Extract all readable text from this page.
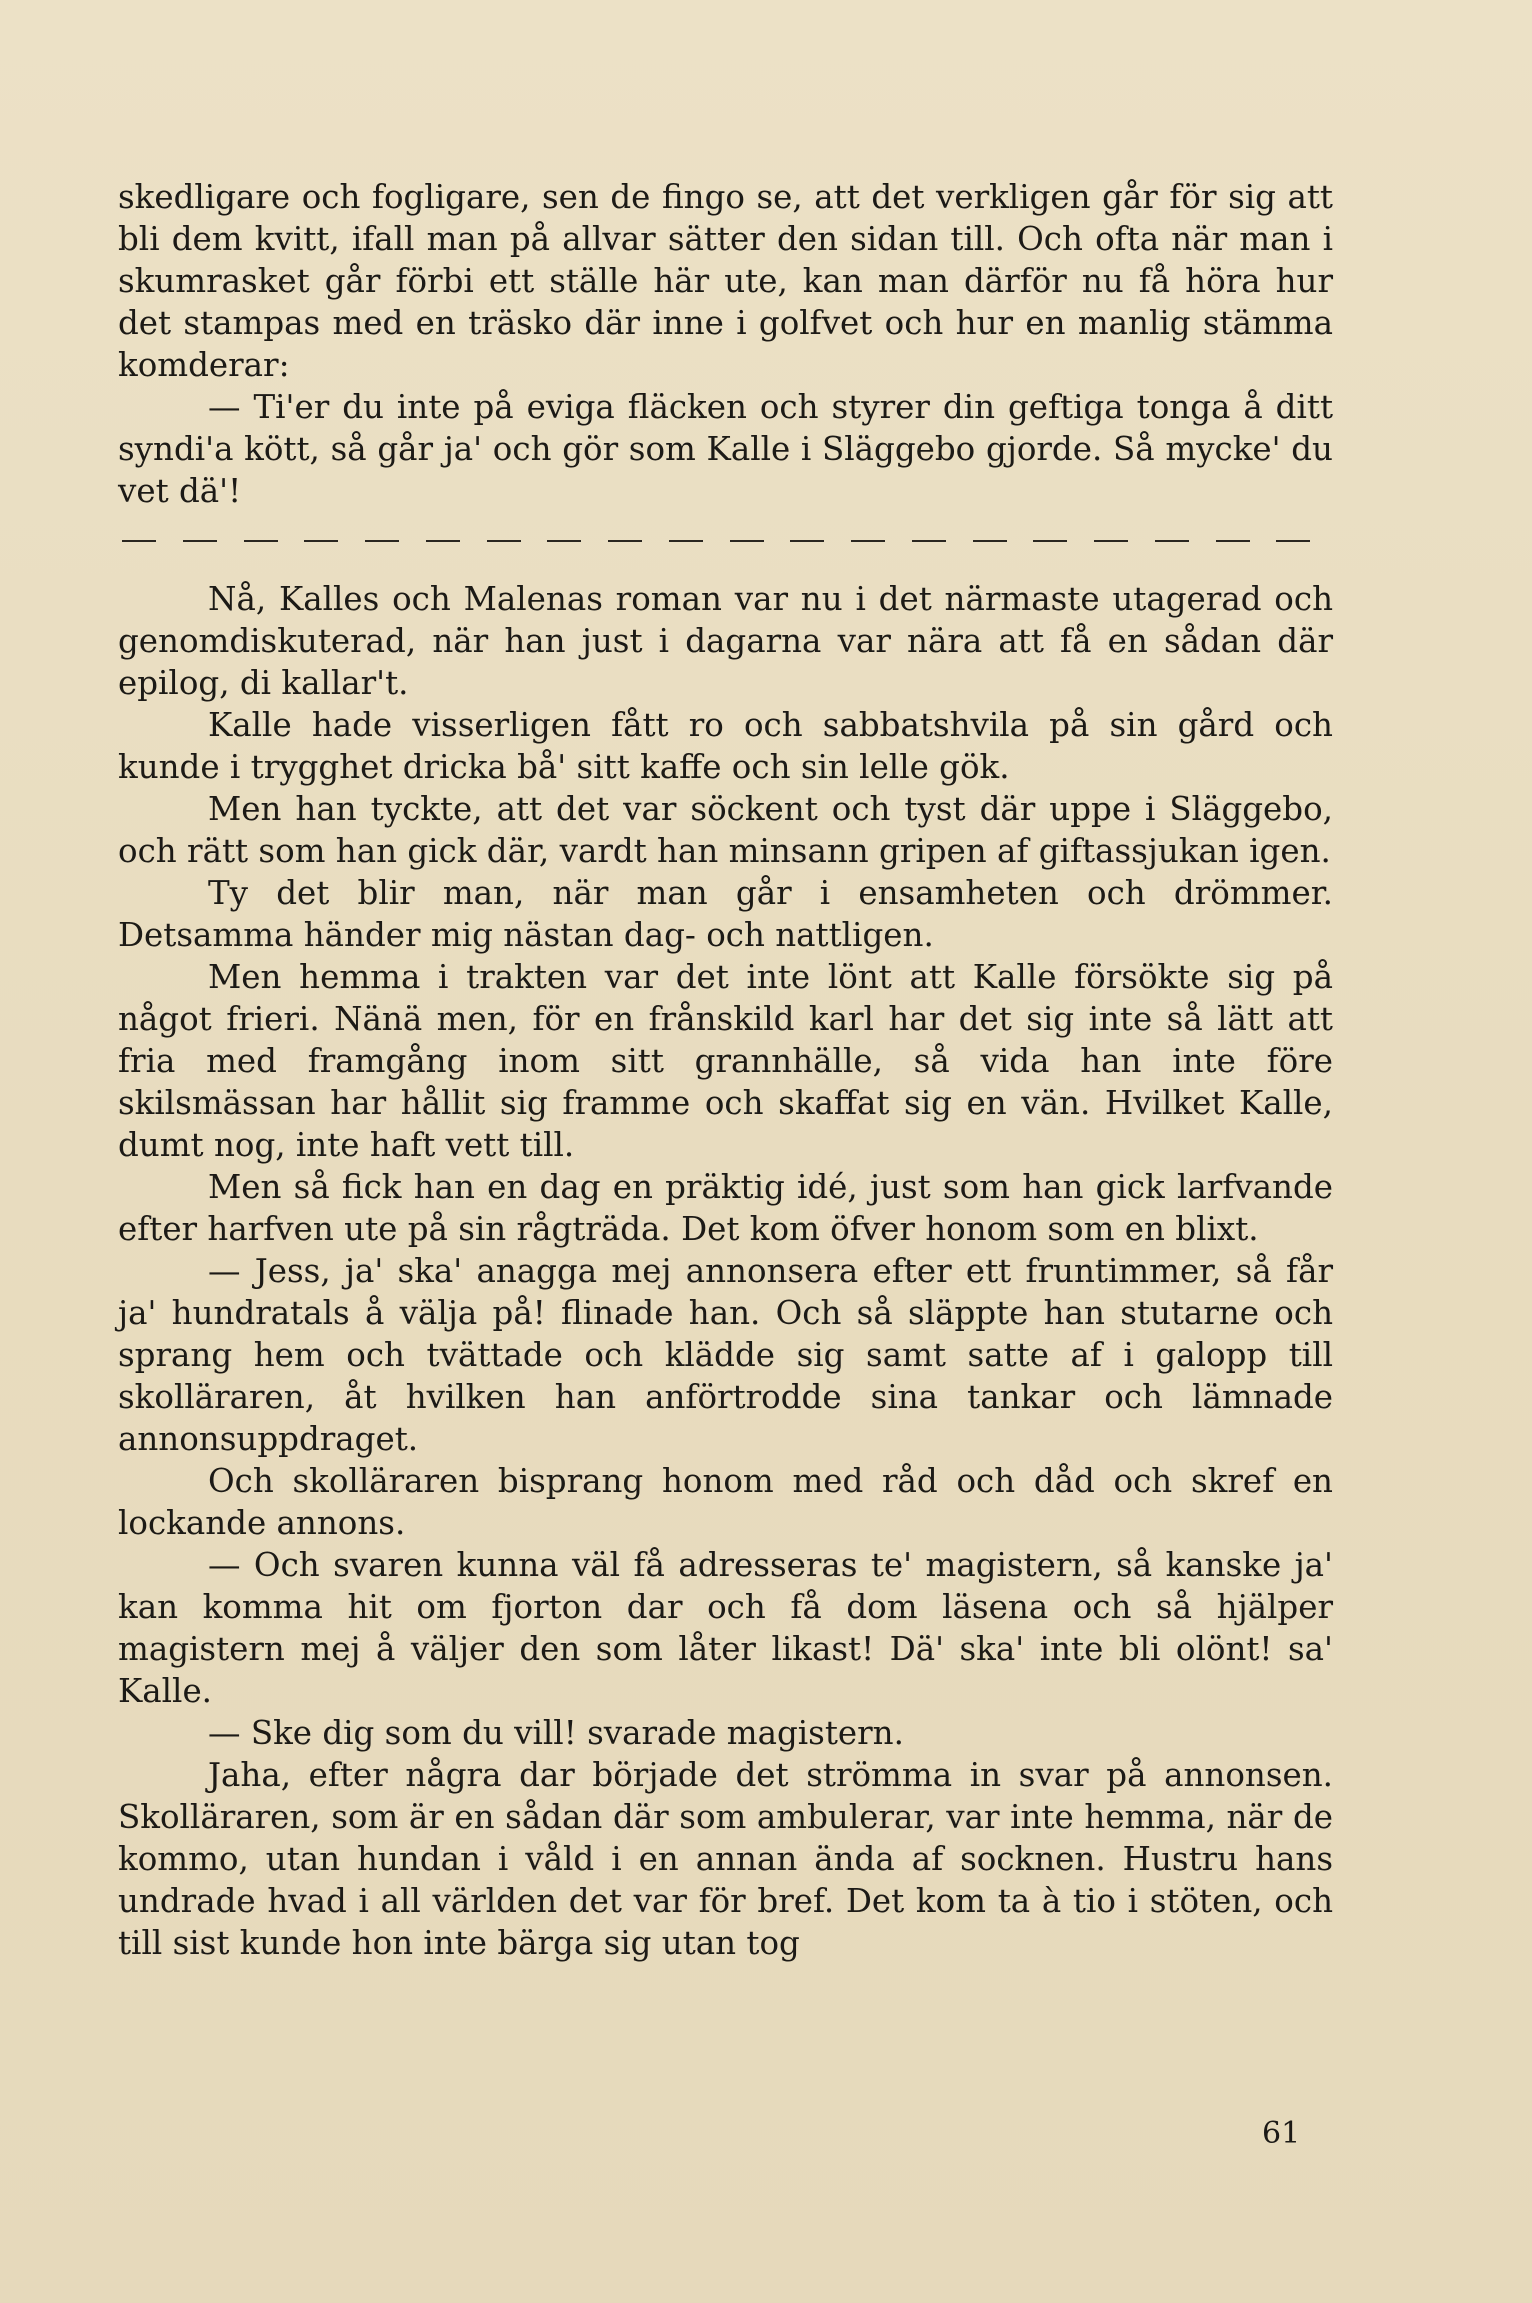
skedligare och fogligare, sen de fingo se, att det verkligen går för sig att bli dem kvitt, ifall man på allvar sätter den sidan till. Och ofta när man i skumrasket går förbi ett ställe här ute, kan man därför nu få höra hur det stampas med en träsko där inne i golfvet och hur en manlig stämma komderar:

— Ti'er du inte på eviga fläcken och styrer din geftiga tonga å ditt syndi'a kött, så går ja' och gör som Kalle i Släggebo gjorde. Så mycke' du vet dä'!

Nå, Kalles och Malenas roman var nu i det närmaste utagerad och genomdiskuterad, när han just i dagarna var nära att få en sådan där epilog, di kallar't.

Kalle hade visserligen fått ro och sabbatshvila på sin gård och kunde i trygghet dricka bå' sitt kaffe och sin lelle gök.

Men han tyckte, att det var söckent och tyst där uppe i Släggebo, och rätt som han gick där, vardt han minsann gripen af giftassjukan igen.

Ty det blir man, när man går i ensamheten och drömmer. Detsamma händer mig nästan dag- och nattligen.

Men hemma i trakten var det inte lönt att Kalle försökte sig på något frieri. Nänä men, för en frånskild karl har det sig inte så lätt att fria med framgång inom sitt grannhälle, så vida han inte före skilsmässan har hållit sig framme och skaffat sig en vän. Hvilket Kalle, dumt nog, inte haft vett till.

Men så fick han en dag en präktig idé, just som han gick larfvande efter harfven ute på sin rågträda. Det kom öfver honom som en blixt.

— Jess, ja' ska' anagga mej annonsera efter ett fruntimmer, så får ja' hundratals å välja på! flinade han. Och så släppte han stutarne och sprang hem och tvättade och klädde sig samt satte af i galopp till skolläraren, åt hvilken han anförtrodde sina tankar och lämnade annonsuppdraget.

Och skolläraren bisprang honom med råd och dåd och skref en lockande annons.

— Och svaren kunna väl få adresseras te' magistern, så kanske ja' kan komma hit om fjorton dar och få dom läsena och så hjälper magistern mej å väljer den som låter likast! Dä' ska' inte bli olönt! sa' Kalle.

— Ske dig som du vill! svarade magistern.

Jaha, efter några dar började det strömma in svar på annonsen. Skolläraren, som är en sådan där som ambulerar, var inte hemma, när de kommo, utan hundan i våld i en annan ända af socknen. Hustru hans undrade hvad i all världen det var för bref. Det kom ta à tio i stöten, och till sist kunde hon inte bärga sig utan tog

61
